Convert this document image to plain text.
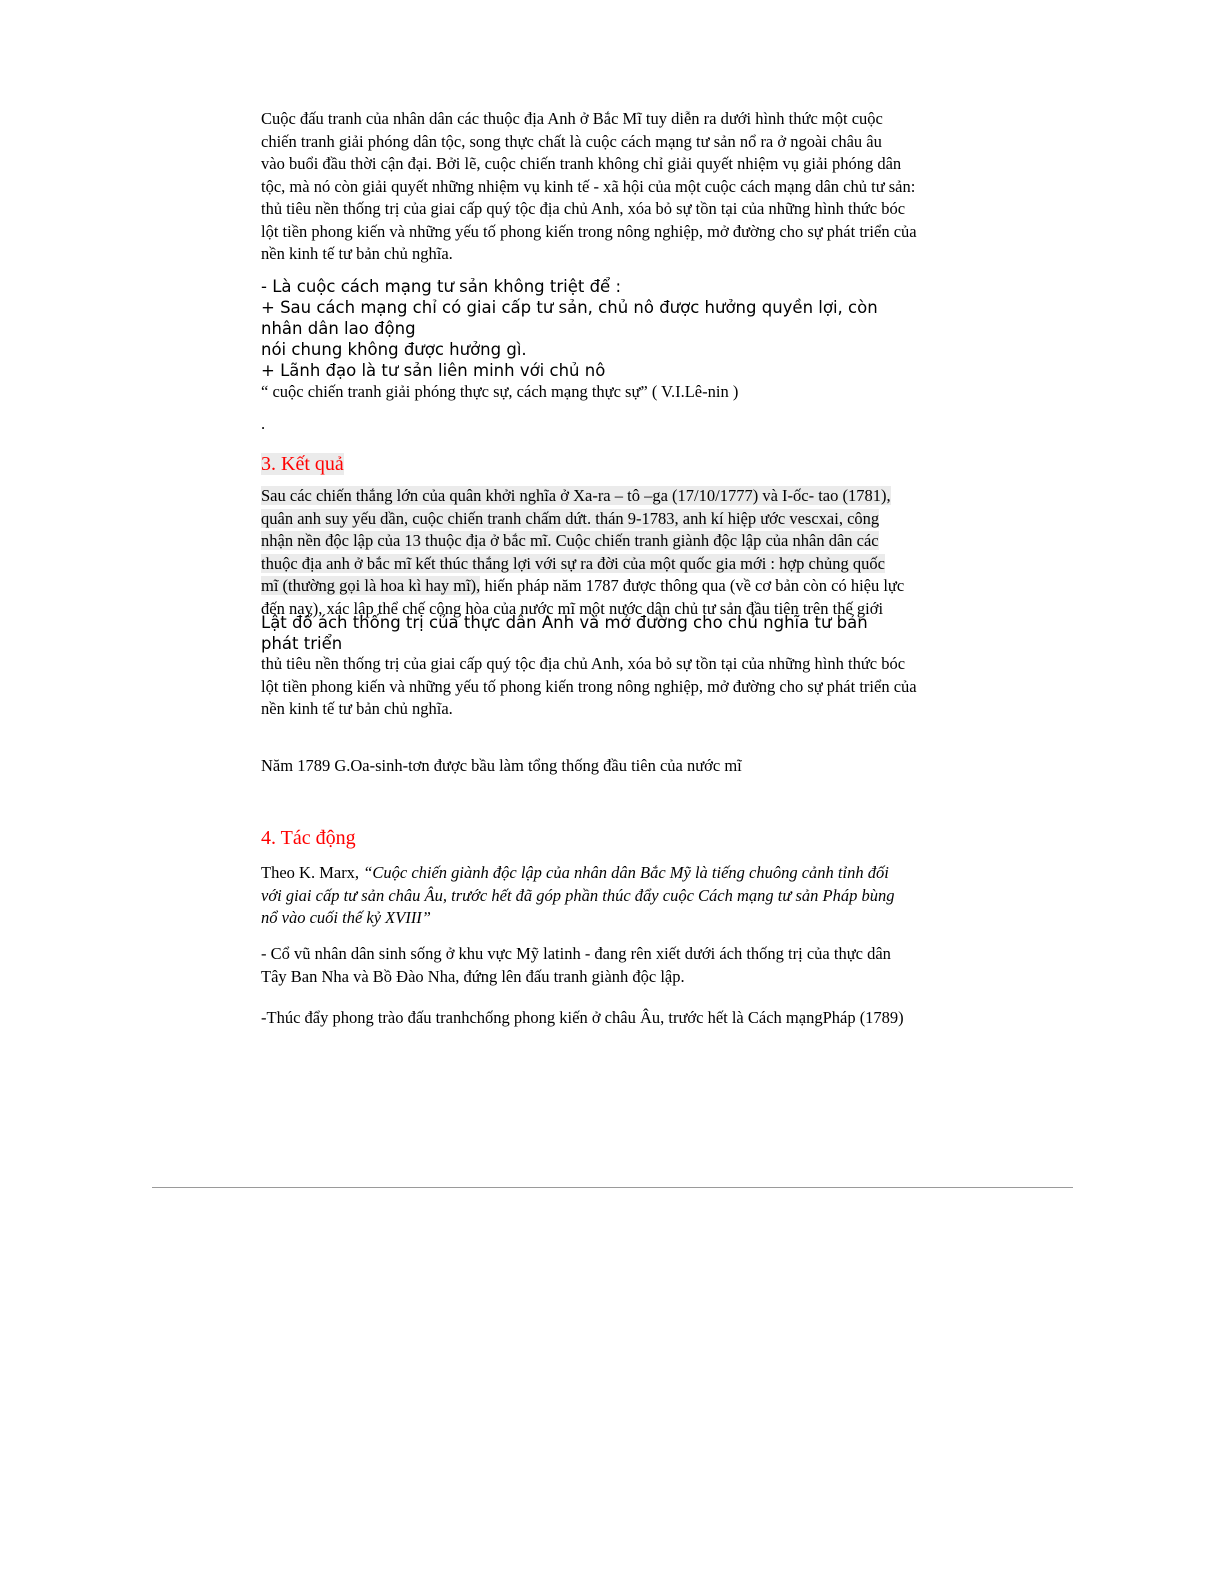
Cuộc đấu tranh của nhân dân các thuộc địa Anh ở Bắc Mĩ tuy diễn ra dưới hình thức một cuộc
chiến tranh giải phóng dân tộc, song thực chất là cuộc cách mạng tư sản nổ ra ở ngoài châu âu
vào buổi đầu thời cận đại. Bởi lẽ, cuộc chiến tranh không chỉ giải quyết nhiệm vụ giải phóng dân
tộc, mà nó còn giải quyết những nhiệm vụ kinh tế - xã hội của một cuộc cách mạng dân chủ tư sản:
thủ tiêu nền thống trị của giai cấp quý tộc địa chủ Anh, xóa bỏ sự tồn tại của những hình thức bóc
lột tiền phong kiến và những yếu tố phong kiến trong nông nghiệp, mở đường cho sự phát triển của
nền kinh tế tư bản chủ nghĩa.
- Là cuộc cách mạng tư sản không triệt để :
+ Sau cách mạng chỉ có giai cấp tư sản, chủ nô được hưởng quyền lợi, còn
nhân dân lao động
nói chung không được hưởng gì.
+ Lãnh đạo là tư sản liên minh với chủ nô
“ cuộc chiến tranh giải phóng thực sự, cách mạng thực sự” ( V.I.Lê-nin )
.
3. Kết quả
Sau các chiến thắng lớn của quân khởi nghĩa ở Xa-ra – tô –ga (17/10/1777) và I-ốc- tao (1781),
quân anh suy yếu dần, cuộc chiến tranh chấm dứt. thán 9-1783, anh kí hiệp ước vescxai, công
nhận nền độc lập của 13 thuộc địa ở bắc mĩ. Cuộc chiến tranh giành độc lập của nhân dân các
thuộc địa anh ở bắc mĩ kết thúc thắng lợi với sự ra đời của một quốc gia mới : hợp chủng quốc
mĩ (thường gọi là hoa kì hay mĩ), hiến pháp năm 1787 được thông qua (về cơ bản còn có hiệu lực
đến nay), xác lập thể chế cộng hòa của nước mĩ một nước dân chủ tư sản đầu tiên trên thế giới
Lật đổ ách thống trị của thực dân Anh và mở đường cho chủ nghĩa tư bản
phát triển
thủ tiêu nền thống trị của giai cấp quý tộc địa chủ Anh, xóa bỏ sự tồn tại của những hình thức bóc
lột tiền phong kiến và những yếu tố phong kiến trong nông nghiệp, mở đường cho sự phát triển của
nền kinh tế tư bản chủ nghĩa.
Năm 1789 G.Oa-sinh-tơn được bầu làm tổng thống đầu tiên của nước mĩ
4. Tác động
Theo K. Marx, “Cuộc chiến giành độc lập của nhân dân Bắc Mỹ là tiếng chuông cảnh tỉnh đối
với giai cấp tư sản châu Âu, trước hết đã góp phần thúc đẩy cuộc Cách mạng tư sản Pháp bùng
nổ vào cuối thế kỷ XVIII”
- Cổ vũ nhân dân sinh sống ở khu vực Mỹ latinh - đang rên xiết dưới ách thống trị của thực dân
Tây Ban Nha và Bồ Đào Nha, đứng lên đấu tranh giành độc lập.
-Thúc đẩy phong trào đấu tranhchống phong kiến ở châu Âu, trước hết là Cách mạngPháp (1789)
